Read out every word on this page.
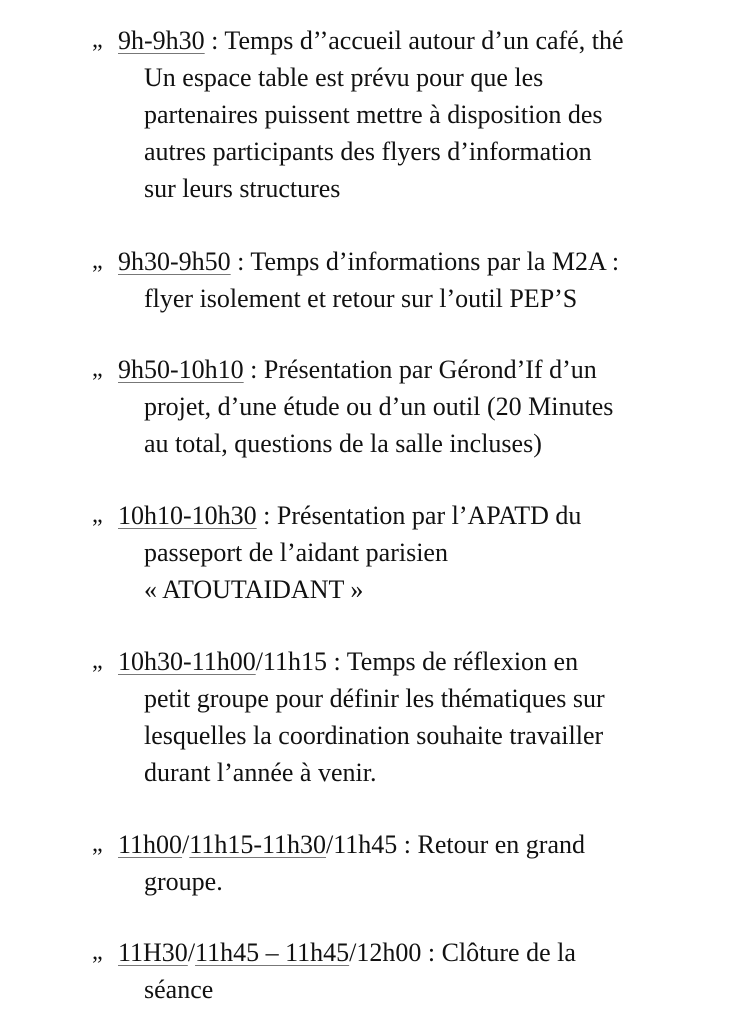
„ 9h-9h30 : Temps d’’accueil autour d’un café, thé
Un espace table est prévu pour que les
partenaires puissent mettre à disposition des
autres participants des flyers d’information
sur leurs structures
„ 9h30-9h50 : Temps d’informations par la M2A :
flyer isolement et retour sur l’outil PEP’S
„ 9h50-10h10 : Présentation par Gérond’If d’un
projet, d’une étude ou d’un outil (20 Minutes
au total, questions de la salle incluses)
„ 10h10-10h30 : Présentation par l’APATD du
passeport de l’aidant parisien
« ATOUTAIDANT »
„ 10h30-11h00/11h15 : Temps de réflexion en
petit groupe pour définir les thématiques sur
lesquelles la coordination souhaite travailler
durant l’année à venir.
„ 11h00/11h15-11h30/11h45 : Retour en grand
groupe.
„ 11H30/11h45 – 11h45/12h00 : Clôture de la
séance
